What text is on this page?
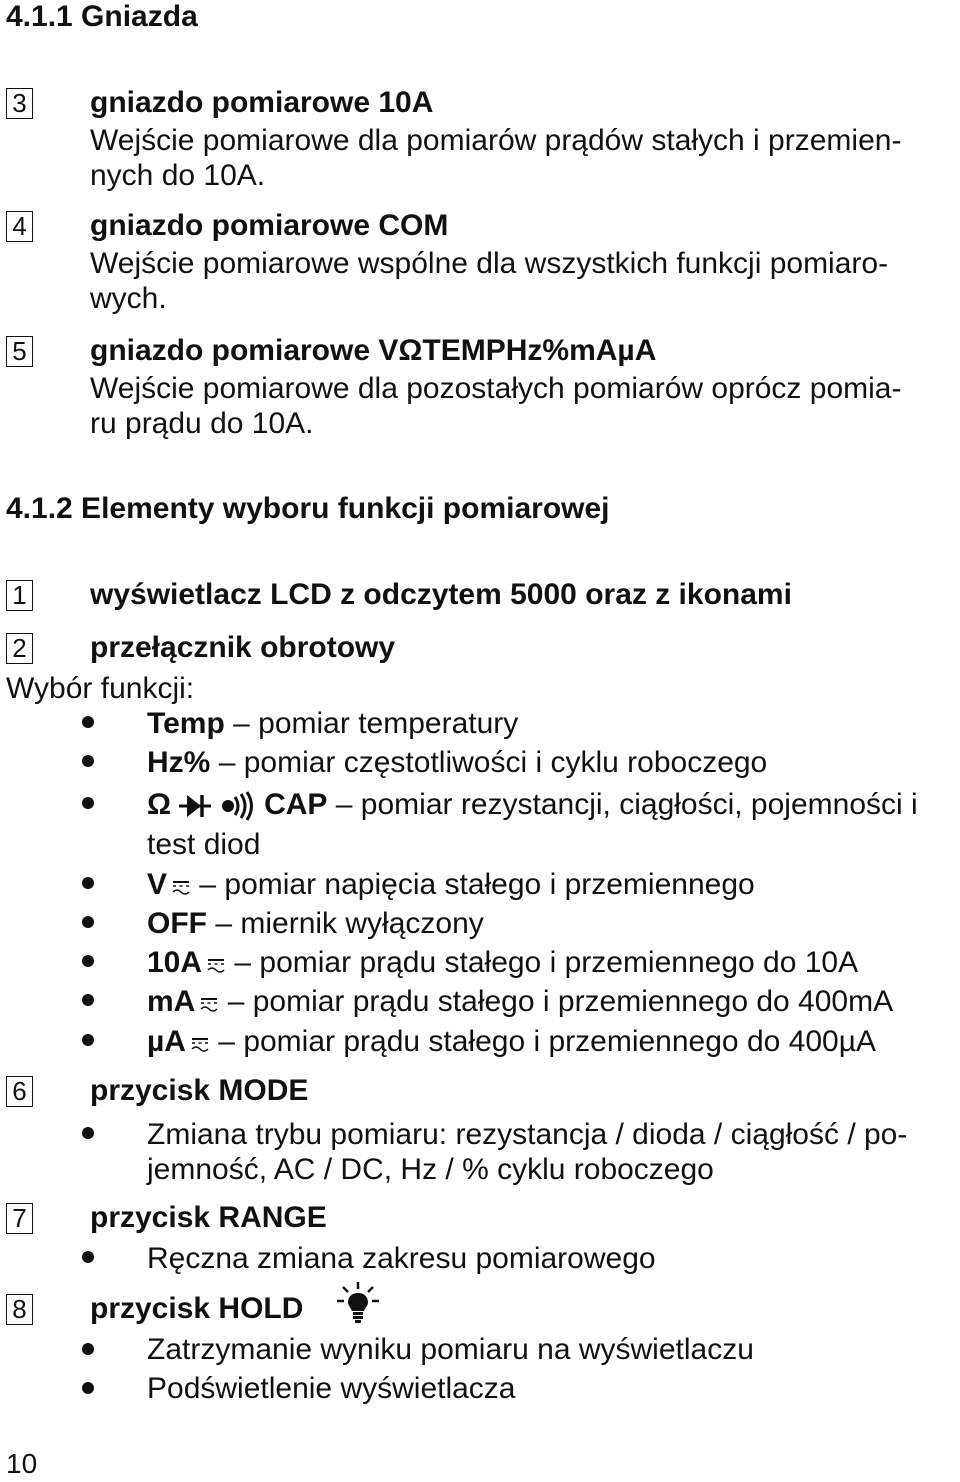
4.1.1 Gniazda
3 gniazdo pomiarowe 10A
Wejście pomiarowe dla pomiarów prądów stałych i przemien-
nych do 10A.
4 gniazdo pomiarowe COM
Wejście pomiarowe wspólne dla wszystkich funkcji pomiaro-
wych.
5 gniazdo pomiarowe VΩTEMPHz%mAµA
Wejście pomiarowe dla pozostałych pomiarów oprócz pomia-
ru prądu do 10A.
4.1.2 Elementy wyboru funkcji pomiarowej
1 wyświetlacz LCD z odczytem 5000 oraz z ikonami
2 przełącznik obrotowy
Wybór funkcji:
Temp – pomiar temperatury
Hz% – pomiar częstotliwości i cyklu roboczego
Ω	CAP – pomiar rezystancji, ciągłości, pojemności i
test diod
V – pomiar napięcia stałego i przemiennego
OFF – miernik wyłączony
10A – pomiar prądu stałego i przemiennego do 10A
mA – pomiar prądu stałego i przemiennego do 400mA
µA – pomiar prądu stałego i przemiennego do 400µA
6 przycisk MODE
Zmiana trybu pomiaru: rezystancja / dioda / ciągłość / po-
jemność, AC / DC, Hz / % cyklu roboczego
7 przycisk RANGE
Ręczna zmiana zakresu pomiarowego
8 przycisk HOLD
Zatrzymanie wyniku pomiaru na wyświetlaczu
Podświetlenie wyświetlacza
10
